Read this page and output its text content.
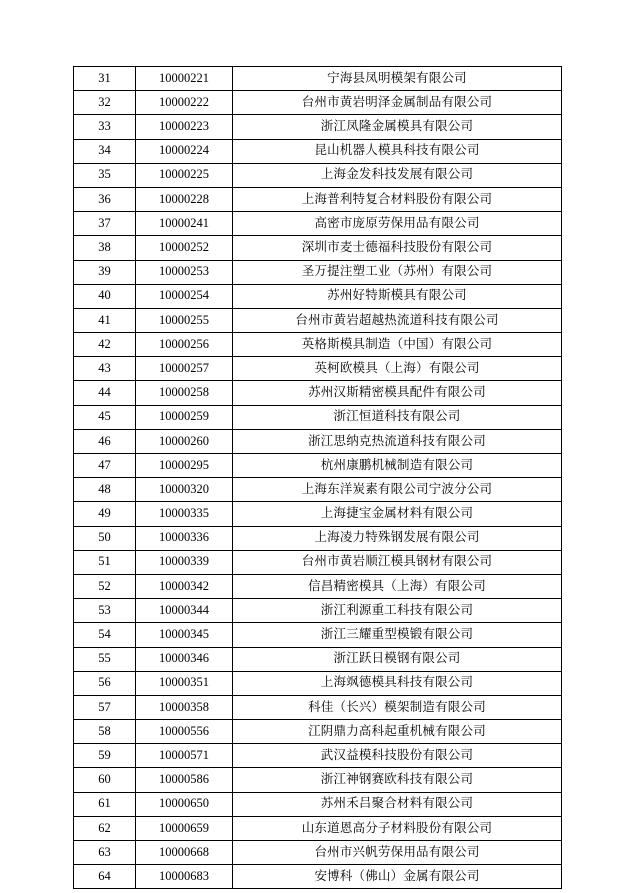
31	10000221	宁海县凤明模架有限公司
32	10000222	台州市黄岩明泽金属制品有限公司
33	10000223	浙江凤隆金属模具有限公司
34	10000224	昆山机器人模具科技有限公司
35	10000225	上海金发科技发展有限公司
36	10000228	上海普利特复合材料股份有限公司
37	10000241	高密市庞原劳保用品有限公司
38	10000252	深圳市麦士德福科技股份有限公司
39	10000253	圣万提注塑工业（苏州）有限公司
40	10000254	苏州好特斯模具有限公司
41	10000255	台州市黄岩超越热流道科技有限公司
42	10000256	英格斯模具制造（中国）有限公司
43	10000257	英柯欧模具（上海）有限公司
44	10000258	苏州汉斯精密模具配件有限公司
45	10000259	浙江恒道科技有限公司
46	10000260	浙江思纳克热流道科技有限公司
47	10000295	杭州康鹏机械制造有限公司
48	10000320	上海东洋炭素有限公司宁波分公司
49	10000335	上海捷宝金属材料有限公司
50	10000336	上海凌力特殊钢发展有限公司
51	10000339	台州市黄岩顺江模具钢材有限公司
52	10000342	信昌精密模具（上海）有限公司
53	10000344	浙江利源重工科技有限公司
54	10000345	浙江三耀重型模锻有限公司
55	10000346	浙江跃日模钢有限公司
56	10000351	上海飒德模具科技有限公司
57	10000358	科佳（长兴）模架制造有限公司
58	10000556	江阴鼎力高科起重机械有限公司
59	10000571	武汉益模科技股份有限公司
60	10000586	浙江神钢赛欧科技有限公司
61	10000650	苏州禾吕聚合材料有限公司
62	10000659	山东道恩高分子材料股份有限公司
63	10000668	台州市兴帆劳保用品有限公司
64	10000683	安博科（佛山）金属有限公司
